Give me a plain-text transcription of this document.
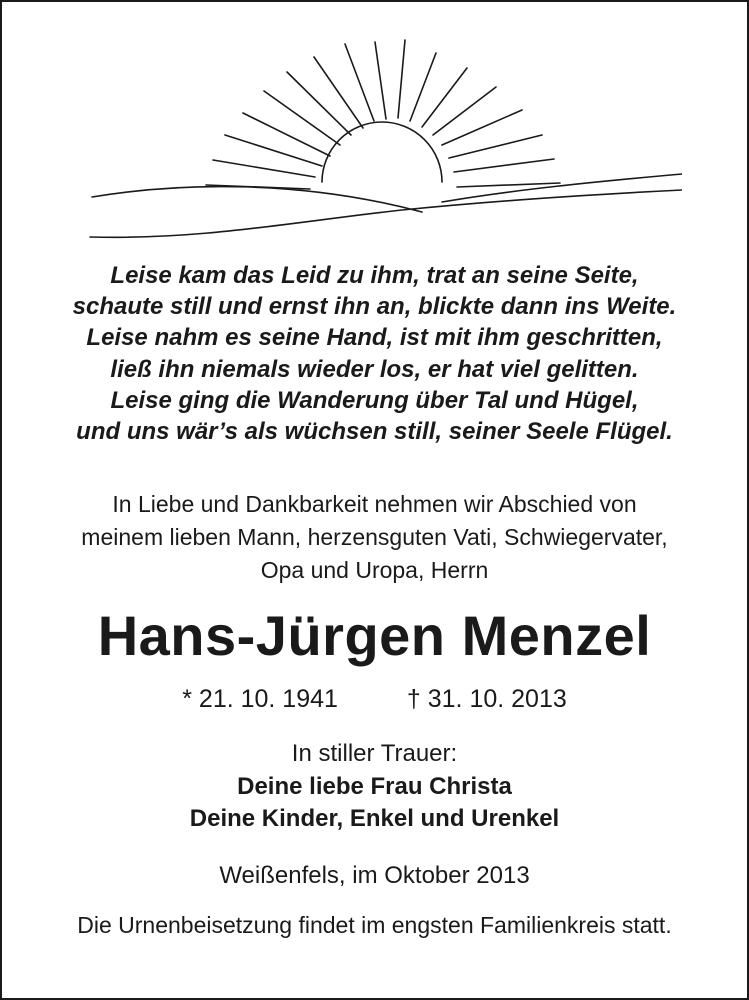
Leise kam das Leid zu ihm, trat an seine Seite,
schaute still und ernst ihn an, blickte dann ins Weite.
Leise nahm es seine Hand, ist mit ihm geschritten,
ließ ihn niemals wieder los, er hat viel gelitten.
Leise ging die Wanderung über Tal und Hügel,
und uns wär’s als wüchsen still, seiner Seele Flügel.
In Liebe und Dankbarkeit nehmen wir Abschied von
meinem lieben Mann, herzensguten Vati, Schwiegervater,
Opa und Uropa, Herrn
Hans-Jürgen Menzel
* 21. 10. 1941	† 31. 10. 2013
In stiller Trauer:
Deine liebe Frau Christa
Deine Kinder, Enkel und Urenkel
Weißenfels, im Oktober 2013
Die Urnenbeisetzung findet im engsten Familienkreis statt.
